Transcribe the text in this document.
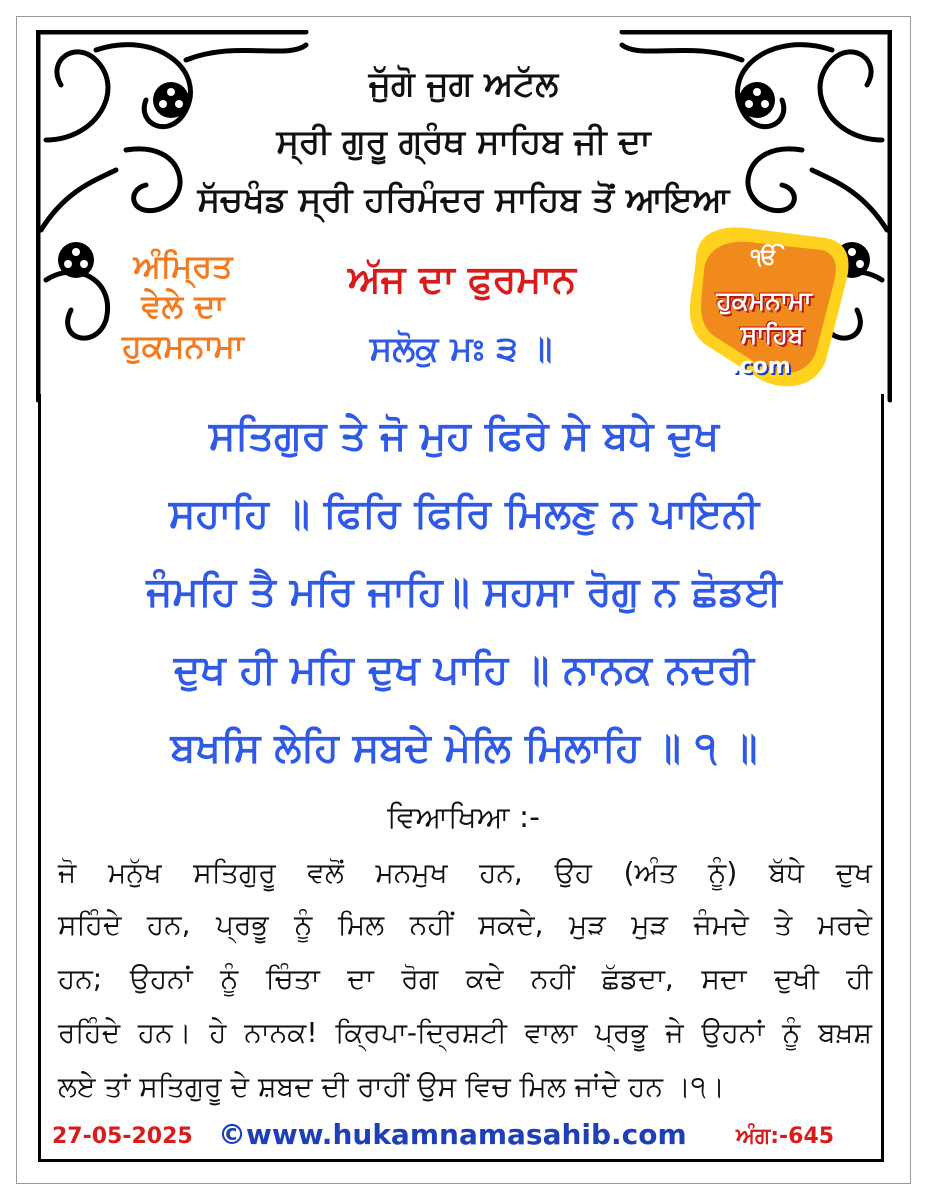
ਜੁੱਗੋ ਜੁਗ ਅਟੱਲ
ਸ੍ਰੀ ਗੁਰੂ ਗ੍ਰੰਥ ਸਾਹਿਬ ਜੀ ਦਾ
ਸੱਚਖੰਡ ਸ੍ਰੀ ਹਰਿਮੰਦਰ ਸਾਹਿਬ ਤੋਂ ਆਇਆ
ਅੰਮ੍ਰਿਤ
ਵੇਲੇ ਦਾ
ਹੁਕਮਨਾਮਾ
ਅੱਜ ਦਾ ਫੁਰਮਾਨ
ਸਲੋਕੁ ਮਃ ੩ ॥
ੴ
ਹੁਕਮਨਾਮਾ
ਸਾਹਿਬ
.com
ਸਤਿਗੁਰ ਤੇ ਜੋ ਮੁਹ ਫਿਰੇ ਸੇ ਬਧੇ ਦੁਖ
ਸਹਾਹਿ ॥ ਫਿਰਿ ਫਿਰਿ ਮਿਲਣੁ ਨ ਪਾਇਨੀ
ਜੰਮਹਿ ਤੈ ਮਰਿ ਜਾਹਿ॥ ਸਹਸਾ ਰੋਗੁ ਨ ਛੋਡਈ
ਦੁਖ ਹੀ ਮਹਿ ਦੁਖ ਪਾਹਿ ॥ ਨਾਨਕ ਨਦਰੀ
ਬਖਸਿ ਲੇਹਿ ਸਬਦੇ ਮੇਲਿ ਮਿਲਾਹਿ ॥ ੧ ॥
ਵਿਆਖਿਆ :-
ਜੋ ਮਨੁੱਖ ਸਤਿਗੁਰੂ ਵਲੋਂ ਮਨਮੁਖ ਹਨ, ਉਹ (ਅੰਤ ਨੂੰ) ਬੱਧੇ ਦੁਖ
ਸਹਿੰਦੇ ਹਨ, ਪ੍ਰਭੂ ਨੂੰ ਮਿਲ ਨਹੀਂ ਸਕਦੇ, ਮੁੜ ਮੁੜ ਜੰਮਦੇ ਤੇ ਮਰਦੇ
ਹਨ; ਉਹਨਾਂ ਨੂੰ ਚਿੰਤਾ ਦਾ ਰੋਗ ਕਦੇ ਨਹੀਂ ਛੱਡਦਾ, ਸਦਾ ਦੁਖੀ ਹੀ
ਰਹਿੰਦੇ ਹਨ। ਹੇ ਨਾਨਕ! ਕ੍ਰਿਪਾ-ਦ੍ਰਿਸ਼ਟੀ ਵਾਲਾ ਪ੍ਰਭੂ ਜੇ ਉਹਨਾਂ ਨੂੰ ਬਖ਼ਸ਼
ਲਏ ਤਾਂ ਸਤਿਗੁਰੂ ਦੇ ਸ਼ਬਦ ਦੀ ਰਾਹੀਂ ਉਸ ਵਿਚ ਮਿਲ ਜਾਂਦੇ ਹਨ ।੧।
27-05-2025 ©www.hukamnamasahib.com ਅੰਗ:-645
